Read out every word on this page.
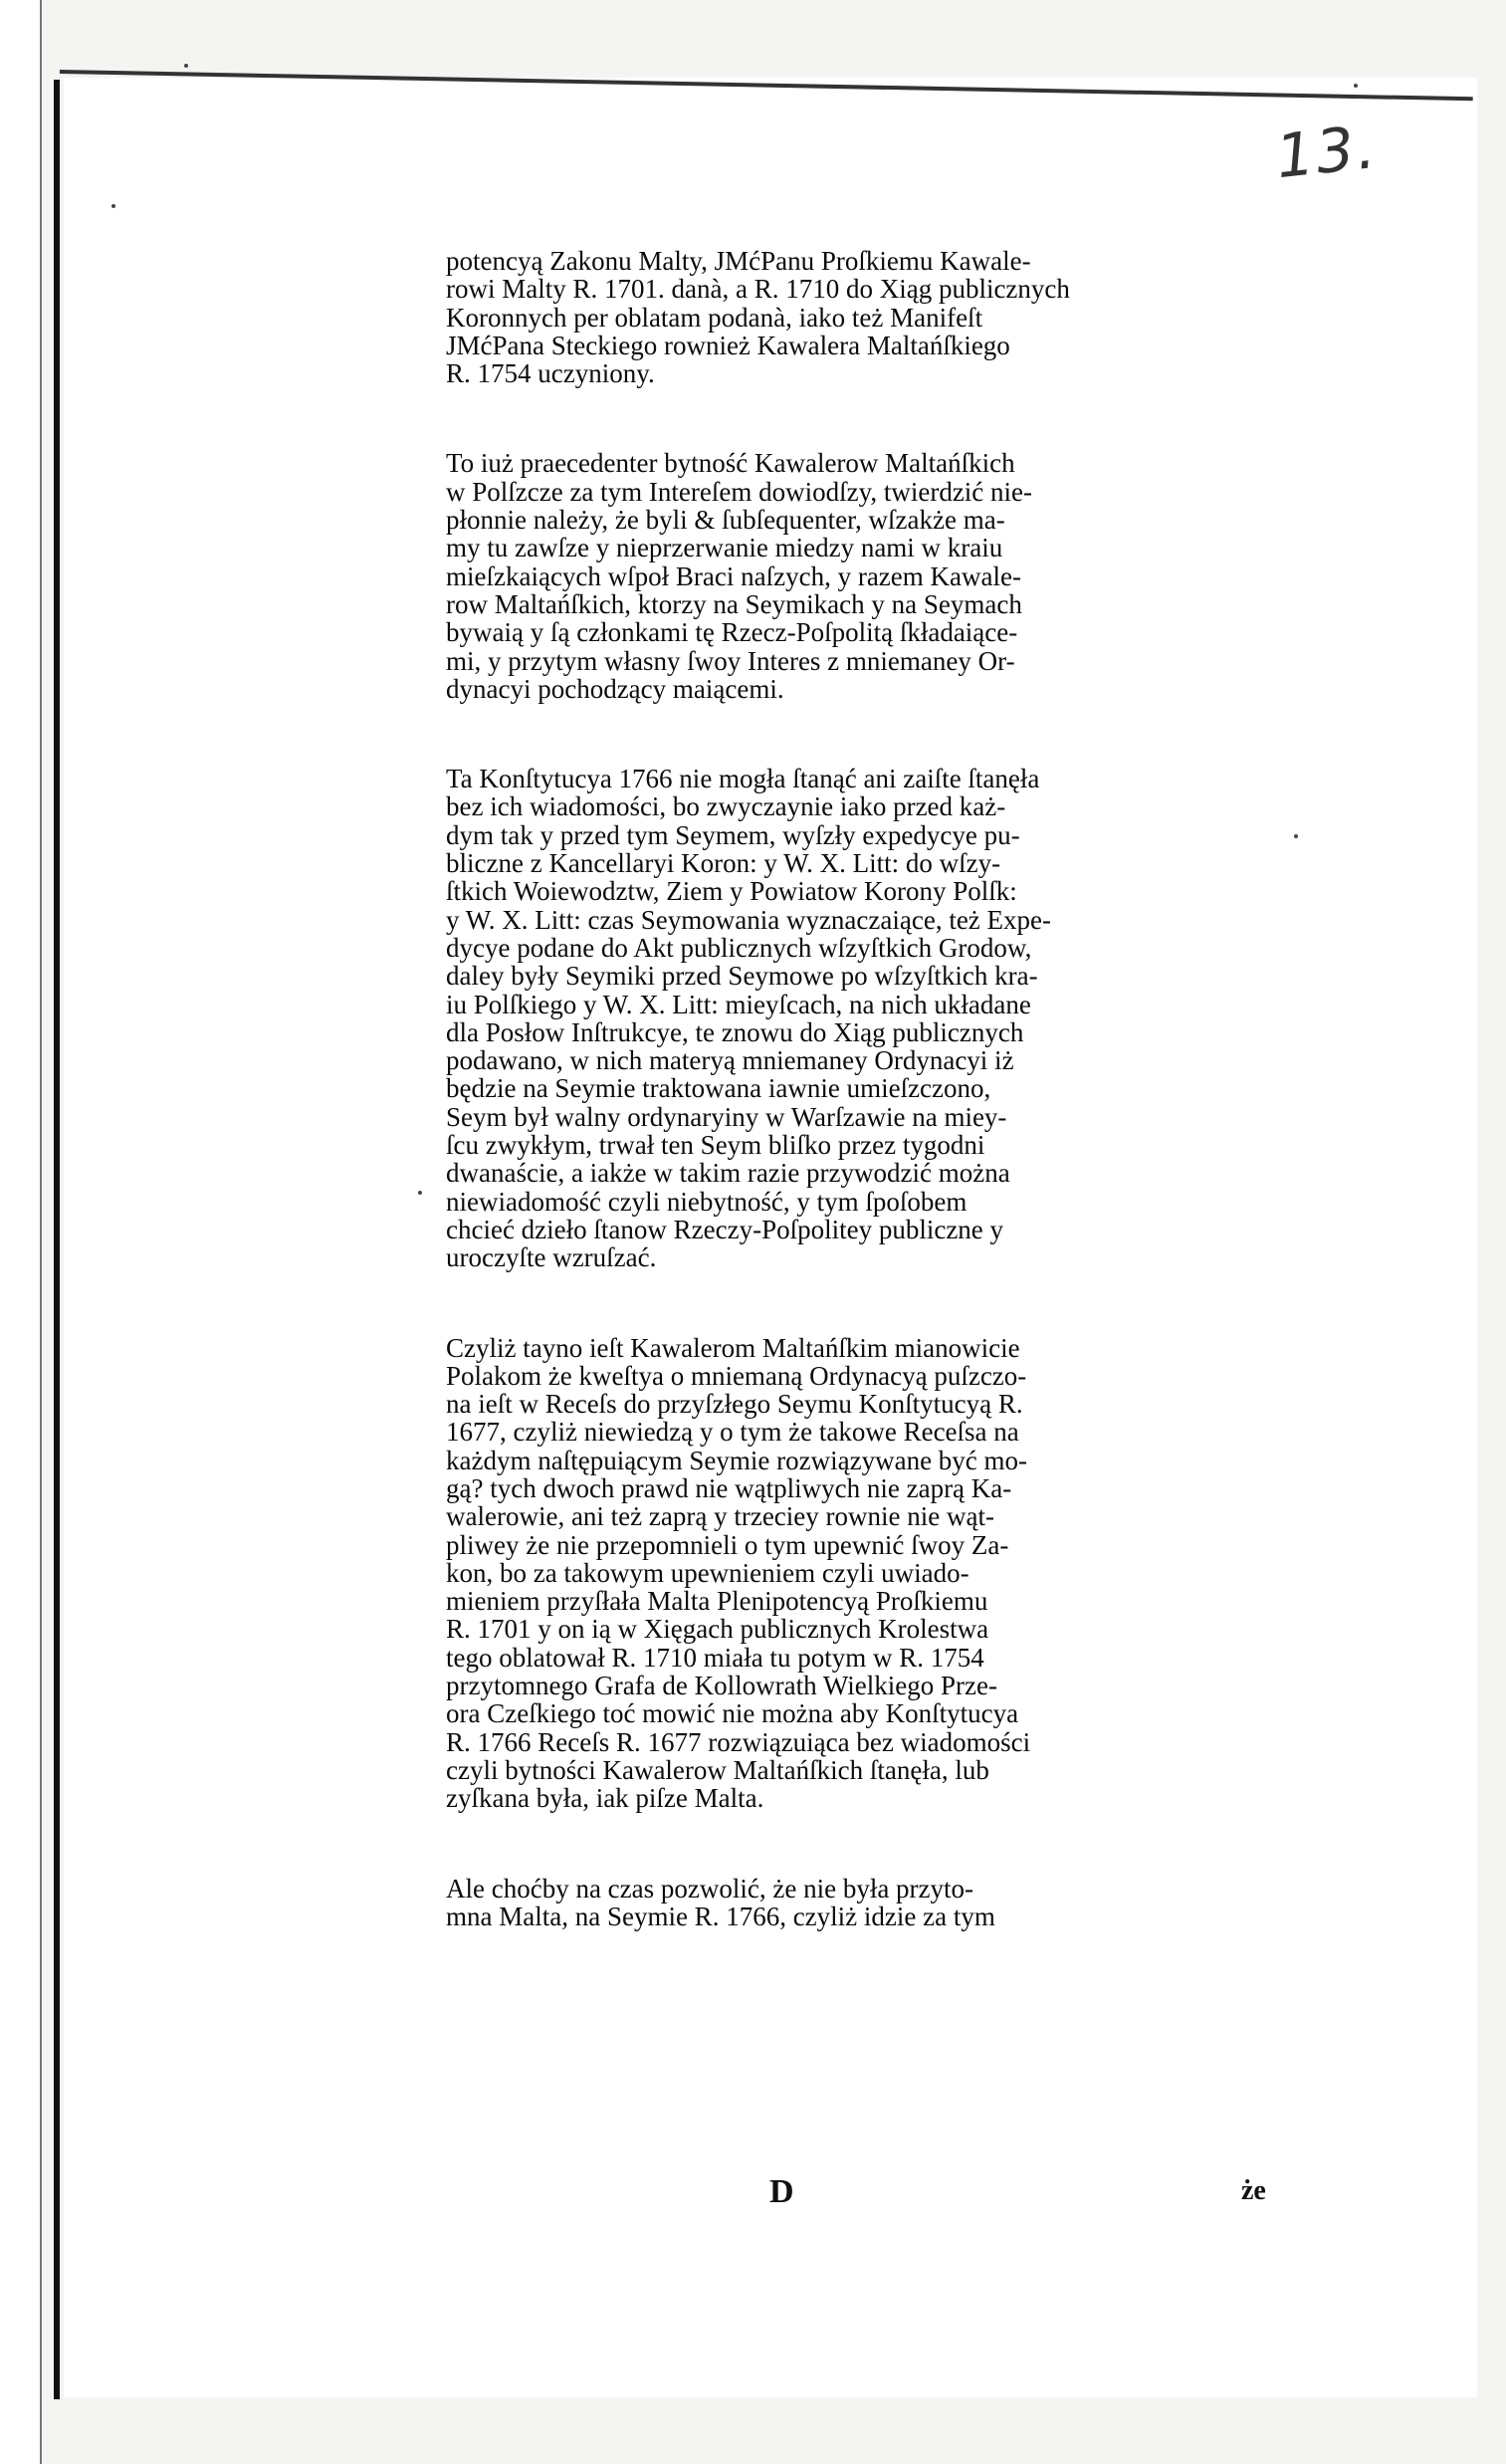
13.

potencyą Zakonu Malty, JMćPanu Proſkiemu Kawale-
rowi Malty R. 1701. danà, a R. 1710 do Xiąg publicznych
Koronnych per oblatam podanà, iako też Manifeſt
JMćPana Steckiego rownież Kawalera Maltańſkiego
R. 1754 uczyniony.

To iuż praecedenter bytność Kawalerow Maltańſkich
w Polſzcze za tym Intereſem dowiodſzy, twierdzić nie-
płonnie należy, że byli & ſubſequenter, wſzakże ma-
my tu zawſze y nieprzerwanie miedzy nami w kraiu
mieſzkaiących wſpoł Braci naſzych, y razem Kawale-
row Maltańſkich, ktorzy na Seymikach y na Seymach
bywaią y ſą członkami tę Rzecz-Poſpolitą ſkładaiące-
mi, y przytym własny ſwoy Interes z mniemaney Or-
dynacyi pochodzący maiącemi.

Ta Konſtytucya 1766 nie mogła ſtanąć ani zaiſte ſtanęła
bez ich wiadomości, bo zwyczaynie iako przed każ-
dym tak y przed tym Seymem, wyſzły expedycye pu-
bliczne z Kancellaryi Koron: y W. X. Litt: do wſzy-
ſtkich Woiewodztw, Ziem y Powiatow Korony Polſk:
y W. X. Litt: czas Seymowania wyznaczaiące, też Expe-
dycye podane do Akt publicznych wſzyſtkich Grodow,
daley były Seymiki przed Seymowe po wſzyſtkich kra-
iu Polſkiego y W. X. Litt: mieyſcach, na nich układane
dla Posłow Inſtrukcye, te znowu do Xiąg publicznych
podawano, w nich materyą mniemaney Ordynacyi iż
będzie na Seymie traktowana iawnie umieſzczono,
Seym był walny ordynaryiny w Warſzawie na miey-
ſcu zwykłym, trwał ten Seym bliſko przez tygodni
dwanaście, a iakże w takim razie przywodzić można
niewiadomość czyli niebytność, y tym ſpoſobem
chcieć dzieło ſtanow Rzeczy-Poſpolitey publiczne y
uroczyſte wzruſzać.

Czyliż tayno ieſt Kawalerom Maltańſkim mianowicie
Polakom że kweſtya o mniemaną Ordynacyą puſzczo-
na ieſt w Receſs do przyſzłego Seymu Konſtytucyą R.
1677, czyliż niewiedzą y o tym że takowe Receſsa na
każdym naſtępuiącym Seymie rozwiązywane być mo-
gą? tych dwoch prawd nie wątpliwych nie zaprą Ka-
walerowie, ani też zaprą y trzeciey rownie nie wąt-
pliwey że nie przepomnieli o tym upewnić ſwoy Za-
kon, bo za takowym upewnieniem czyli uwiado-
mieniem przyſłała Malta Plenipotencyą Proſkiemu
R. 1701 y on ią w Xięgach publicznych Krolestwa
tego oblatował R. 1710 miała tu potym w R. 1754
przytomnego Grafa de Kollowrath Wielkiego Prze-
ora Czeſkiego toć mowić nie można aby Konſtytucya
R. 1766 Receſs R. 1677 rozwiązuiąca bez wiadomości
czyli bytności Kawalerow Maltańſkich ſtanęła, lub
zyſkana była, iak piſze Malta.

Ale choćby na czas pozwolić, że nie była przyto-
mna Malta, na Seymie R. 1766, czyliż idzie za tym

D	że
